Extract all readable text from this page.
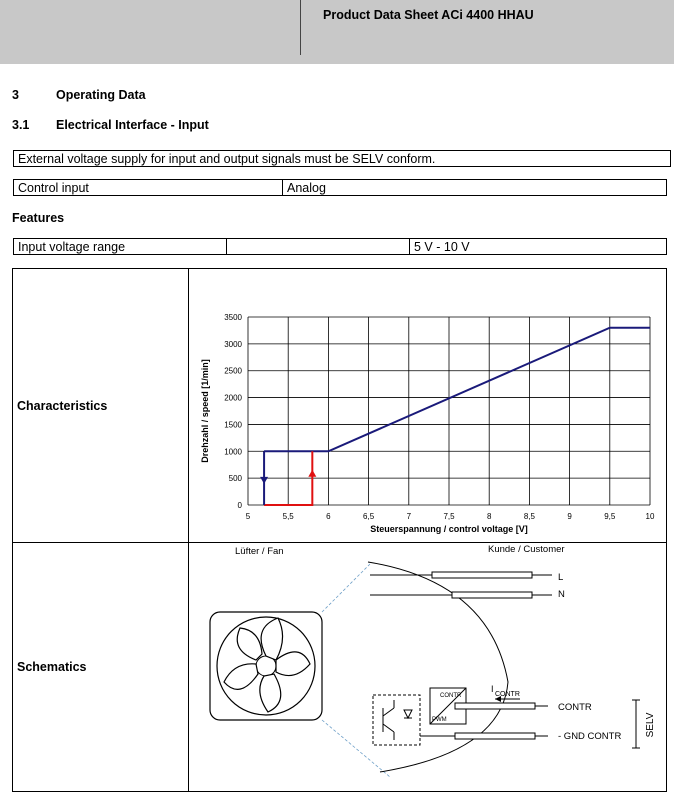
Product Data Sheet ACi 4400 HHAU
3	Operating Data
3.1 Electrical Interface - Input
External voltage supply for input and output signals must be SELV conform.
Control input	Analog
Features
Input voltage range	5 V - 10 V
Characteristics
Schematics
5	5,5	6	6,5	7	7,5	8	8,5	9	9,5	10
0
500
1000
1500
2000
2500
3000
3500
Steuerspannung / control voltage [V]
Drehzahl / speed [1/min]
Lüfter / Fan	Kunde / Customer
L
N
CONTR
PWM
I
CONTR
CONTR
- GND CONTR SELV
